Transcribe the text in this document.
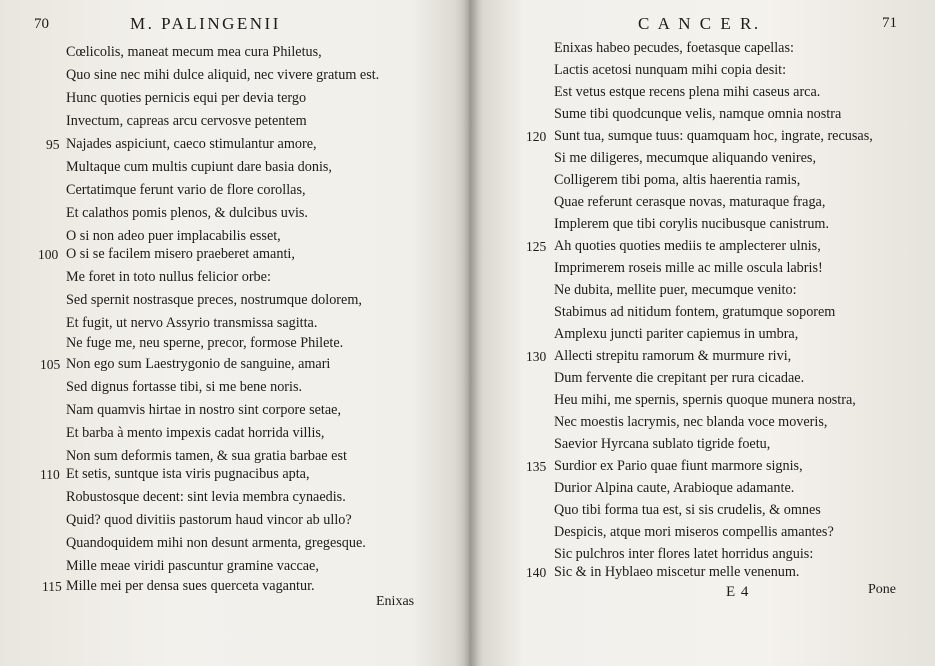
70	M. PALINGENII
Cœlicolis, maneat mecum mea cura Philetus,
Quo sine nec mihi dulce aliquid, nec vivere gratum est.
Hunc quoties pernicis equi per devia tergo
Invectum, capreas arcu cervosve petentem
95 Najades aspiciunt, caeco stimulantur amore,
Multaque cum multis cupiunt dare basia donis,
Certatimque ferunt vario de flore corollas,
Et calathos pomis plenos, & dulcibus uvis.
O si non adeo puer implacabilis esset,
100 O si se facilem misero praeberet amanti,
Me foret in toto nullus felicior orbe:
Sed spernit nostrasque preces, nostrumque dolorem,
Et fugit, ut nervo Assyrio transmissa sagitta.
Ne fuge me, neu sperne, precor, formose Philete.
105 Non ego sum Laestrygonio de sanguine, amari
Sed dignus fortasse tibi, si me bene noris.
Nam quamvis hirtae in nostro sint corpore setae,
Et barba à mento impexis cadat horrida villis,
Non sum deformis tamen, & sua gratia barbae est
110 Et setis, suntque ista viris pugnacibus apta,
Robustosque decent: sint levia membra cynaedis.
Quid? quod divitiis pastorum haud vincor ab ullo?
Quandoquidem mihi non desunt armenta, gregesque.
Mille meae viridi pascuntur gramine vaccae,
115 Mille mei per densa sues querceta vagantur.
Enixas
C A N C E R.	71
Enixas habeo pecudes, foetasque capellas:
Lactis acetosi nunquam mihi copia desit:
Est vetus estque recens plena mihi caseus arca.
Sume tibi quodcunque velis, namque omnia nostra
120 Sunt tua, sumque tuus: quamquam hoc, ingrate, recusas,
Si me diligeres, mecumque aliquando venires,
Colligerem tibi poma, altis haerentia ramis,
Quae referunt cerasque novas, maturaque fraga,
Implerem que tibi corylis nucibusque canistrum.
125 Ah quoties quoties mediis te amplecterer ulnis,
Imprimerem roseis mille ac mille oscula labris!
Ne dubita, mellite puer, mecumque venito:
Stabimus ad nitidum fontem, gratumque soporem
Amplexu juncti pariter capiemus in umbra,
130 Allecti strepitu ramorum & murmure rivi,
Dum fervente die crepitant per rura cicadae.
Heu mihi, me spernis, spernis quoque munera nostra,
Nec moestis lacrymis, nec blanda voce moveris,
Saevior Hyrcana sublato tigride foetu,
135 Surdior ex Pario quae fiunt marmore signis,
Durior Alpina caute, Arabioque adamante.
Quo tibi forma tua est, si sis crudelis, & omnes
Despicis, atque mori miseros compellis amantes?
Sic pulchros inter flores latet horridus anguis:
140 Sic & in Hyblaeo miscetur melle venenum.
E 4	Pone
